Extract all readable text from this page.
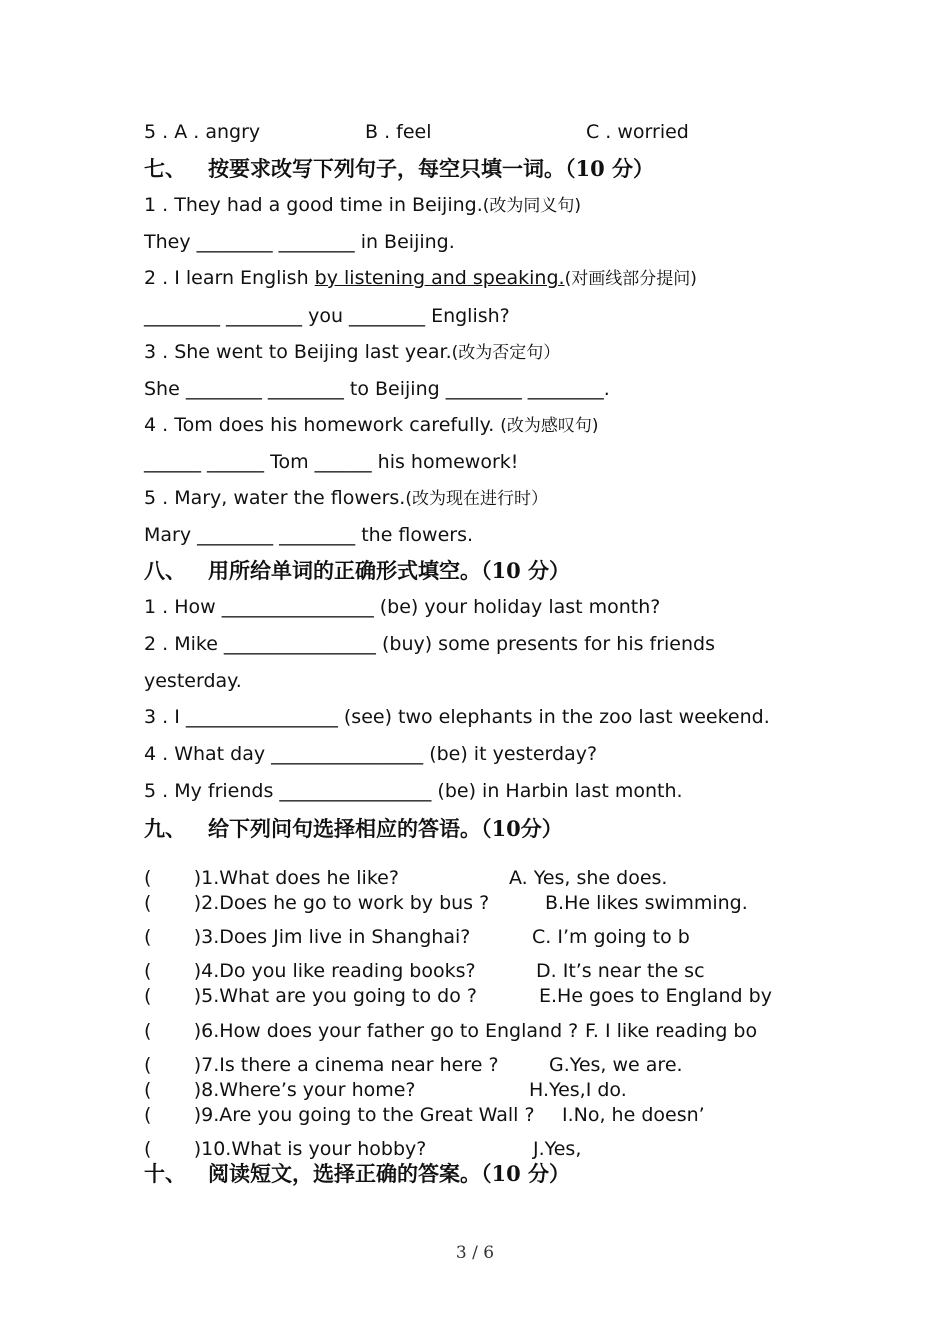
5 . A . angry	B . feel	C . worried
七、 按要求改写下列句子，每空只填一词。（10 分）
1 . They had a good time in Beijing.(改为同义句)
They ________ ________ in Beijing.
2 . I learn English by listening and speaking.(对画线部分提问)
________ ________ you ________ English?
3 . She went to Beijing last year.(改为否定句）
She ________ ________ to Beijing ________ ________.
4 . Tom does his homework carefully. (改为感叹句)
______ ______ Tom ______ his homework!
5 . Mary, water the flowers.(改为现在进行时）
Mary ________ ________ the flowers.
八、 用所给单词的正确形式填空。（10 分）
1 . How ________________ (be) your holiday last month?
2 . Mike ________________ (buy) some presents for his friends
yesterday.
3 . I ________________ (see) two elephants in the zoo last weekend.
4 . What day ________________ (be) it yesterday?
5 . My friends ________________ (be) in Harbin last month.
九、 给下列问句选择相应的答语。（10分）
(       )1.What does he like?	A. Yes, she does.
(       )2.Does he go to work by bus ?	B.He likes swimming.
(       )3.Does Jim live in Shanghai?	C. I’m going to b
(       )4.Do you like reading books?	D. It’s near the sc
(       )5.What are you going to do ?	E.He goes to England by
(       )6.How does your father go to England ? F. I like reading bo
(       )7.Is there a cinema near here ?	G.Yes, we are.
(       )8.Where’s your home?	H.Yes,I do.
(       )9.Are you going to the Great Wall ? I.No, he doesn’
(       )10.What is your hobby?	J.Yes,
十、 阅读短文，选择正确的答案。（10 分）
3 / 6
